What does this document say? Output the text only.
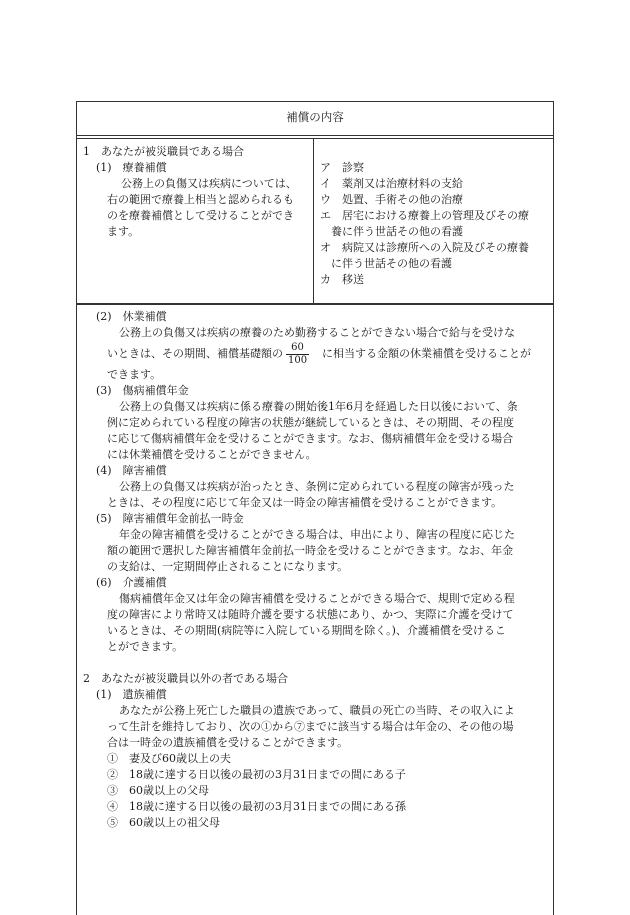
補償の内容
1　あなたが被災職員である場合
(1)　療養補償
公務上の負傷又は疾病については、
右の範囲で療養上相当と認められるも
のを療養補償として受けることができ
ます。
ア　診察
イ　薬剤又は治療材料の支給
ウ　処置、手術その他の治療
エ　居宅における療養上の管理及びその療
　養に伴う世話その他の看護
オ　病院又は診療所への入院及びその療養
　に伴う世話その他の看護
カ　移送
(2)　休業補償
公務上の負傷又は疾病の療養のため勤務することができない場合で給与を受けな
いときは、その期間、補償基礎額の $\frac{60}{100}$ に相当する金額の休業補償を受けることが
できます。
(3)　傷病補償年金
公務上の負傷又は疾病に係る療養の開始後1年6月を経過した日以後において、条
例に定められている程度の障害の状態が継続しているときは、その期間、その程度
に応じて傷病補償年金を受けることができます。なお、傷病補償年金を受ける場合
には休業補償を受けることができません。
(4)　障害補償
公務上の負傷又は疾病が治ったとき、条例に定められている程度の障害が残った
ときは、その程度に応じて年金又は一時金の障害補償を受けることができます。
(5)　障害補償年金前払一時金
年金の障害補償を受けることができる場合は、申出により、障害の程度に応じた
額の範囲で選択した障害補償年金前払一時金を受けることができます。なお、年金
の支給は、一定期間停止されることになります。
(6)　介護補償
傷病補償年金又は年金の障害補償を受けることができる場合で、規則で定める程
度の障害により常時又は随時介護を要する状態にあり、かつ、実際に介護を受けて
いるときは、その期間(病院等に入院している期間を除く。)、介護補償を受けるこ
とができます。
2　あなたが被災職員以外の者である場合
(1)　遺族補償
あなたが公務上死亡した職員の遺族であって、職員の死亡の当時、その収入によ
って生計を維持しており、次の①から⑦までに該当する場合は年金の、その他の場
合は一時金の遺族補償を受けることができます。
①　妻及び60歳以上の夫
②　18歳に達する日以後の最初の3月31日までの間にある子
③　60歳以上の父母
④　18歳に達する日以後の最初の3月31日までの間にある孫
⑤　60歳以上の祖父母
